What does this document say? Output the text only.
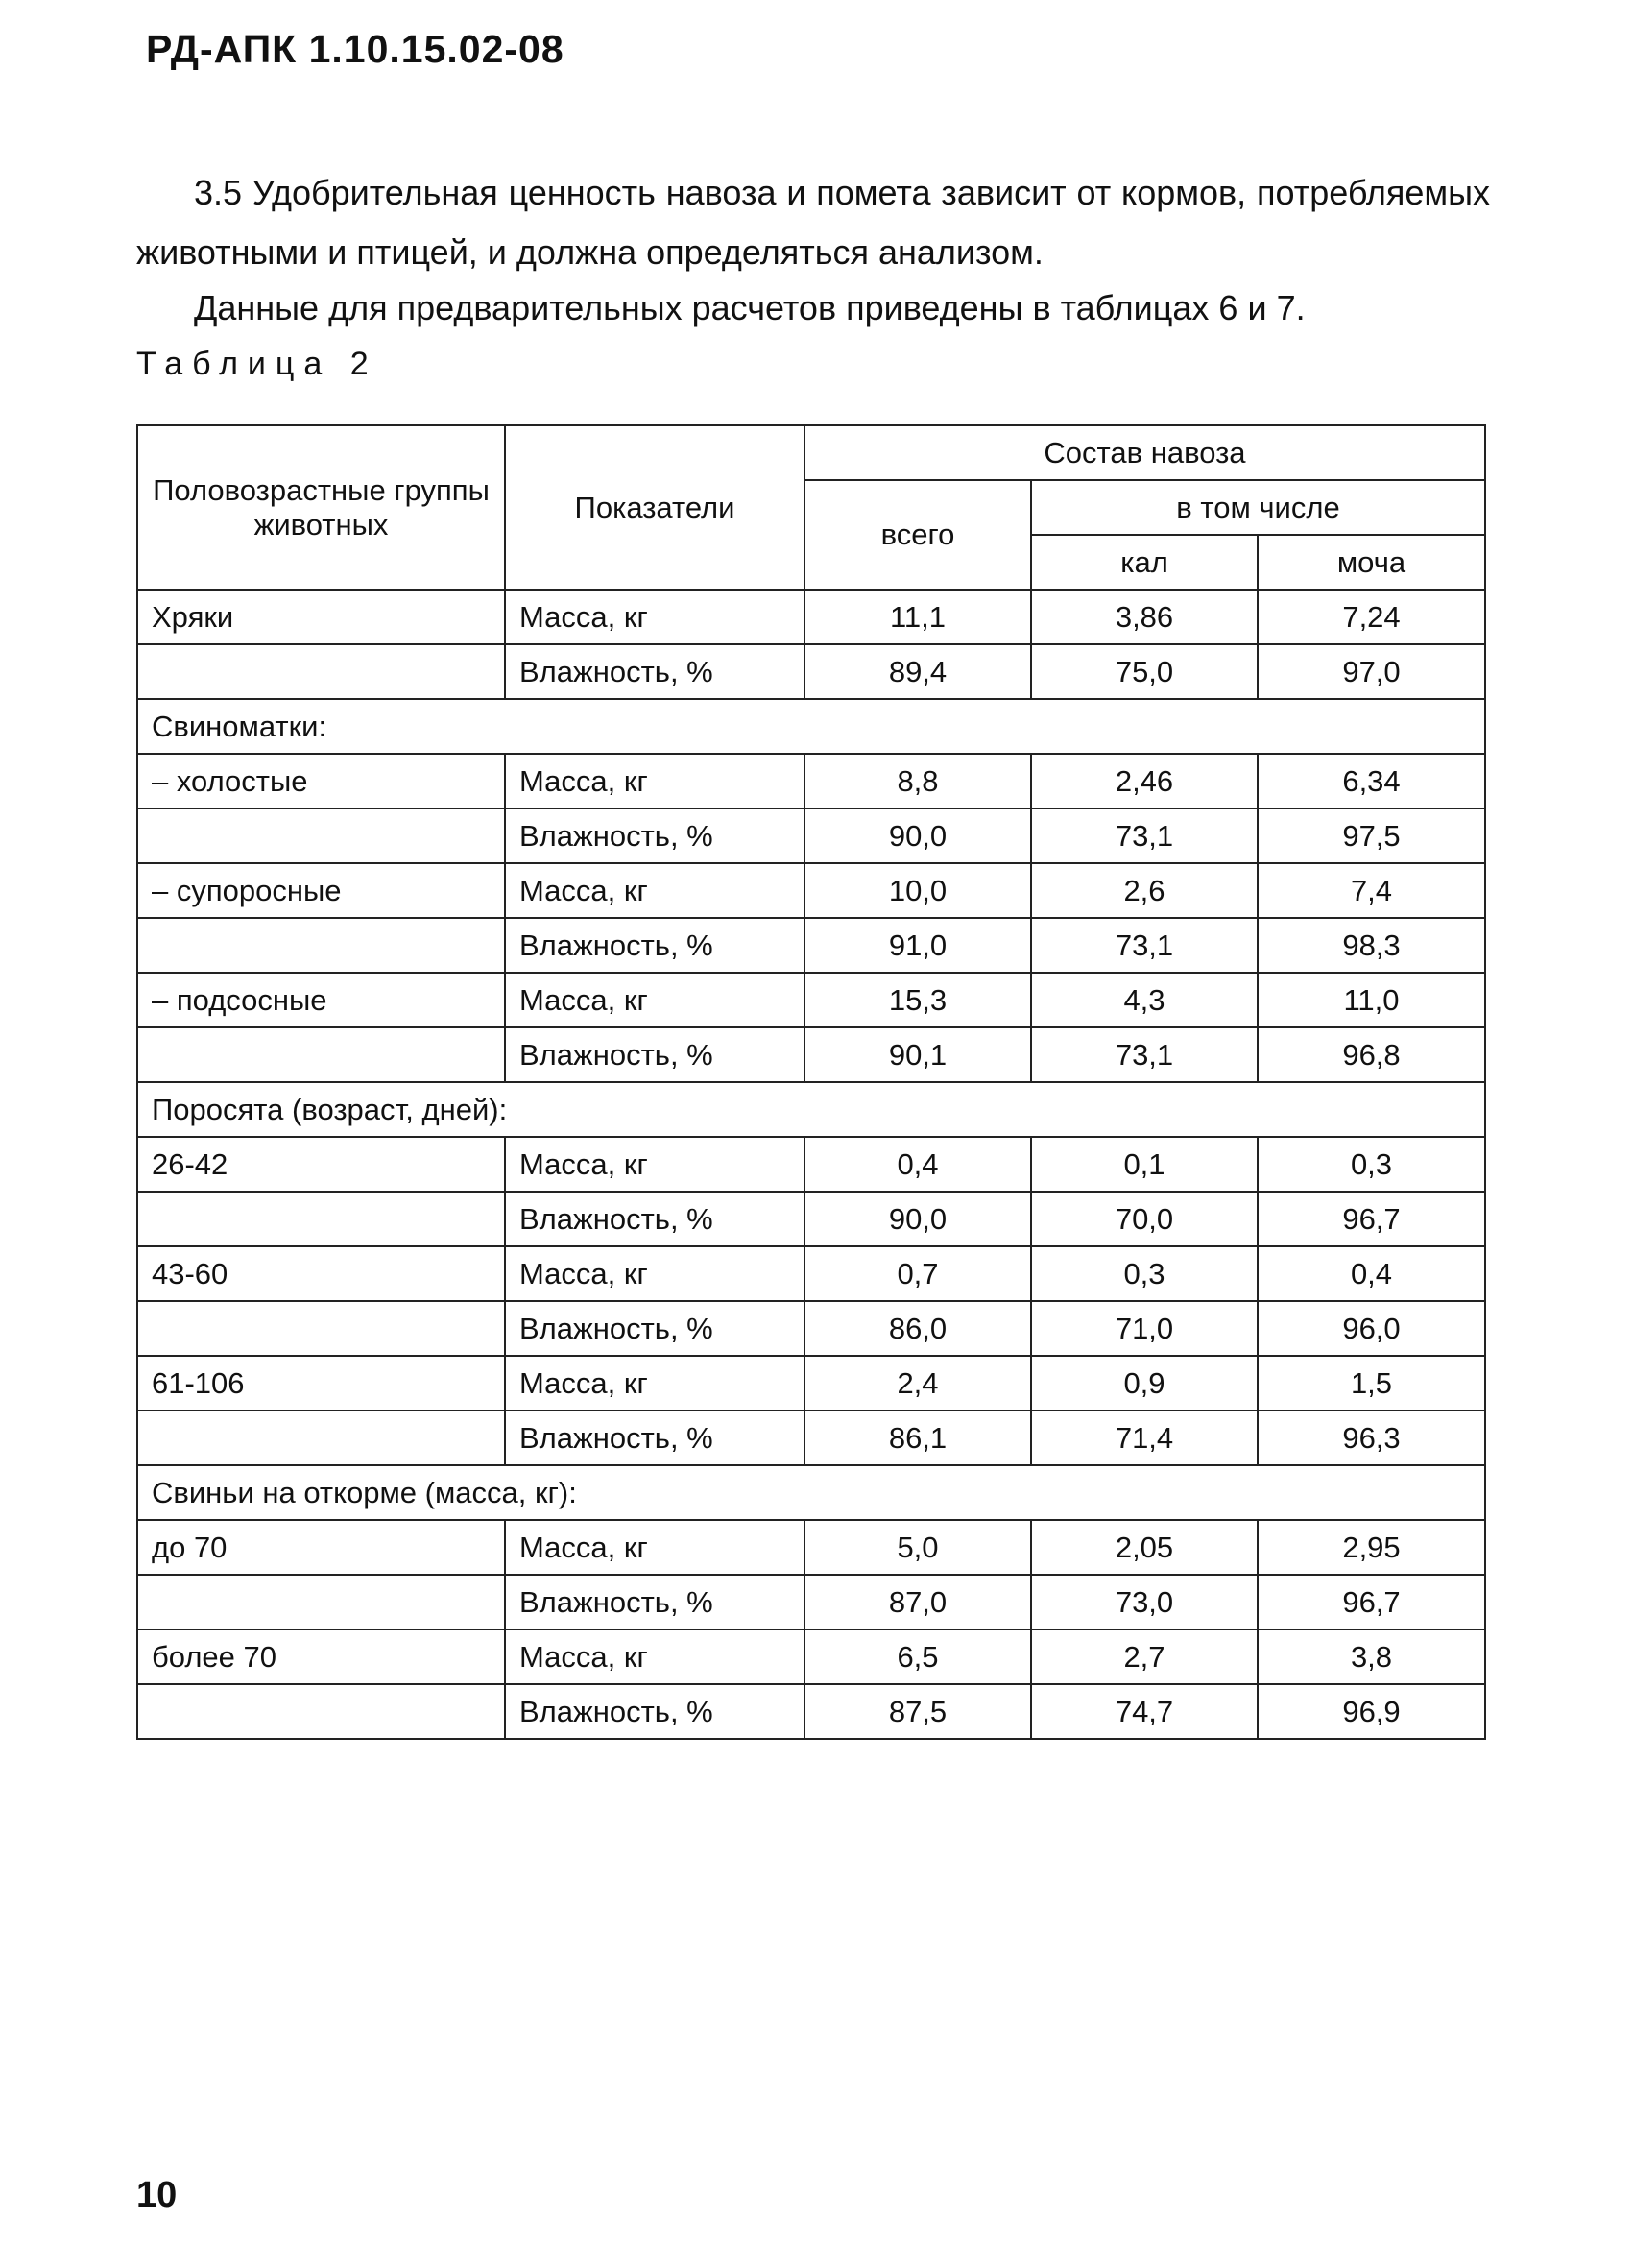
РД-АПК 1.10.15.02-08
3.5 Удобрительная ценность навоза и помета зависит от кормов, потребляемых животными и птицей, и должна определяться анализом.
Данные для предварительных расчетов приведены в таблицах 6 и 7.
Таблица 2
Половозрастные группы животных	Показатели	Состав навоза		
		всего	в том числе	
			кал	моча
Хряки	Масса, кг	11,1	3,86	7,24
	Влажность, %	89,4	75,0	97,0
Свиноматки:				
– холостые	Масса, кг	8,8	2,46	6,34
	Влажность, %	90,0	73,1	97,5
– супоросные	Масса, кг	10,0	2,6	7,4
	Влажность, %	91,0	73,1	98,3
– подсосные	Масса, кг	15,3	4,3	11,0
	Влажность, %	90,1	73,1	96,8
Поросята (возраст, дней):				
26-42	Масса, кг	0,4	0,1	0,3
	Влажность, %	90,0	70,0	96,7
43-60	Масса, кг	0,7	0,3	0,4
	Влажность, %	86,0	71,0	96,0
61-106	Масса, кг	2,4	0,9	1,5
	Влажность, %	86,1	71,4	96,3
Свиньи на откорме (масса, кг):				
до 70	Масса, кг	5,0	2,05	2,95
	Влажность, %	87,0	73,0	96,7
более 70	Масса, кг	6,5	2,7	3,8
	Влажность, %	87,5	74,7	96,9
10
